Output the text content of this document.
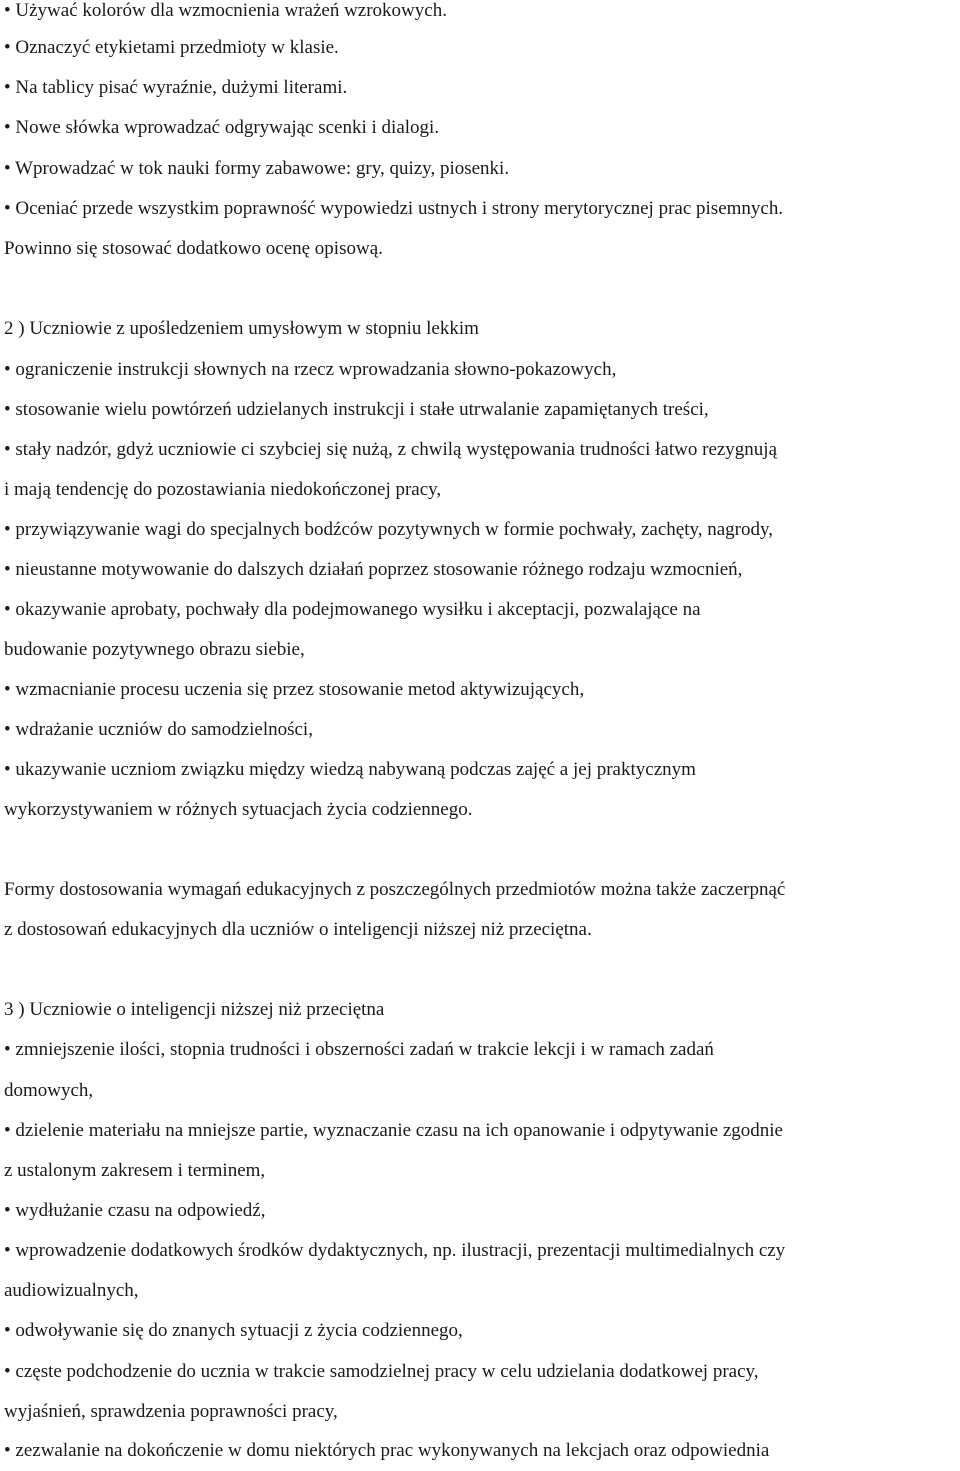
• Używać kolorów dla wzmocnienia wrażeń wzrokowych.
• Oznaczyć etykietami przedmioty w klasie.
• Na tablicy pisać wyraźnie, dużymi literami.
• Nowe słówka wprowadzać odgrywając scenki i dialogi.
• Wprowadzać w tok nauki formy zabawowe: gry, quizy, piosenki.
• Oceniać przede wszystkim poprawność wypowiedzi ustnych i strony merytorycznej prac pisemnych.
Powinno się stosować dodatkowo ocenę opisową.
2 ) Uczniowie z upośledzeniem umysłowym w stopniu lekkim
• ograniczenie instrukcji słownych na rzecz wprowadzania słowno-pokazowych,
• stosowanie wielu powtórzeń udzielanych instrukcji i stałe utrwalanie zapamiętanych treści,
• stały nadzór, gdyż uczniowie ci szybciej się nużą, z chwilą występowania trudności łatwo rezygnują
i mają tendencję do pozostawiania niedokończonej pracy,
• przywiązywanie wagi do specjalnych bodźców pozytywnych w formie pochwały, zachęty, nagrody,
• nieustanne motywowanie do dalszych działań poprzez stosowanie różnego rodzaju wzmocnień,
• okazywanie aprobaty, pochwały dla podejmowanego wysiłku i akceptacji, pozwalające na
budowanie pozytywnego obrazu siebie,
• wzmacnianie procesu uczenia się przez stosowanie metod aktywizujących,
• wdrażanie uczniów do samodzielności,
• ukazywanie uczniom związku między wiedzą nabywaną podczas zajęć a jej praktycznym
wykorzystywaniem w różnych sytuacjach życia codziennego.
Formy dostosowania wymagań edukacyjnych z poszczególnych przedmiotów można także zaczerpnąć
z dostosowań edukacyjnych dla uczniów o inteligencji niższej niż przeciętna.
3 ) Uczniowie o inteligencji niższej niż przeciętna
• zmniejszenie ilości, stopnia trudności i obszerności zadań w trakcie lekcji i w ramach zadań
domowych,
• dzielenie materiału na mniejsze partie, wyznaczanie czasu na ich opanowanie i odpytywanie zgodnie
z ustalonym zakresem i terminem,
• wydłużanie czasu na odpowiedź,
• wprowadzenie dodatkowych środków dydaktycznych, np. ilustracji, prezentacji multimedialnych czy
audiowizualnych,
• odwoływanie się do znanych sytuacji z życia codziennego,
• częste podchodzenie do ucznia w trakcie samodzielnej pracy w celu udzielania dodatkowej pracy,
wyjaśnień, sprawdzenia poprawności pracy,
• zezwalanie na dokończenie w domu niektórych prac wykonywanych na lekcjach oraz odpowiednia
